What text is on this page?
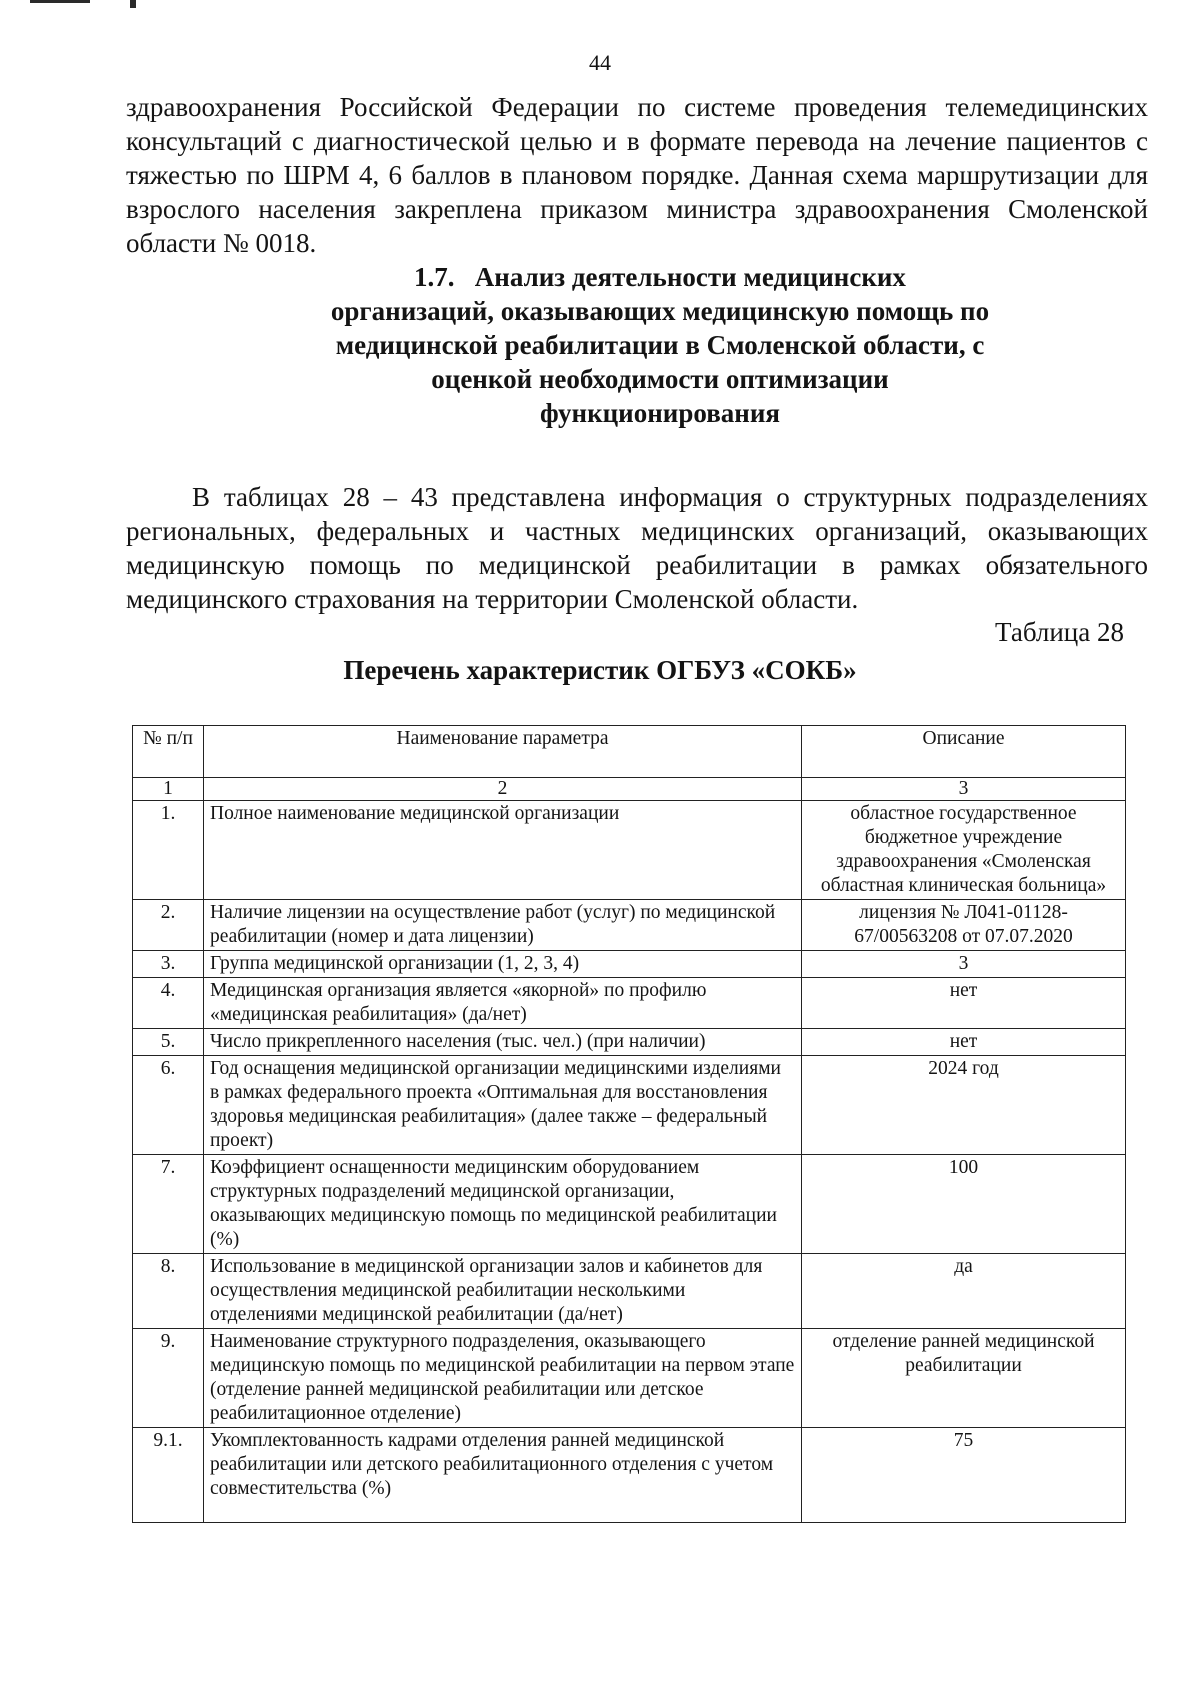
44

здравоохранения Российской Федерации по системе проведения телемедицинских консультаций с диагностической целью и в формате перевода на лечение пациентов с тяжестью по ШРМ 4, 6 баллов в плановом порядке. Данная схема маршрутизации для взрослого населения закреплена приказом министра здравоохранения Смоленской области № 0018.

1.7. Анализ деятельности медицинских организаций, оказывающих медицинскую помощь по медицинской реабилитации в Смоленской области, с оценкой необходимости оптимизации функционирования

В таблицах 28 – 43 представлена информация о структурных подразделениях региональных, федеральных и частных медицинских организаций, оказывающих медицинскую помощь по медицинской реабилитации в рамках обязательного медицинского страхования на территории Смоленской области.

Таблица 28
Перечень характеристик ОГБУЗ «СОКБ»
№ п/п	Наименование параметра	Описание
1	2	3
1.	Полное наименование медицинской организации	областное государственное бюджетное учреждение здравоохранения «Смоленская областная клиническая больница»
2.	Наличие лицензии на осуществление работ (услуг) по медицинской реабилитации (номер и дата лицензии)	лицензия № Л041-01128-67/00563208 от 07.07.2020
3.	Группа медицинской организации (1, 2, 3, 4)	3
4.	Медицинская организация является «якорной» по профилю «медицинская реабилитация» (да/нет)	нет
5.	Число прикрепленного населения (тыс. чел.) (при наличии)	нет
6.	Год оснащения медицинской организации медицинскими изделиями в рамках федерального проекта «Оптимальная для восстановления здоровья медицинская реабилитация» (далее также – федеральный проект)	2024 год
7.	Коэффициент оснащенности медицинским оборудованием структурных подразделений медицинской организации, оказывающих медицинскую помощь по медицинской реабилитации (%)	100
8.	Использование в медицинской организации залов и кабинетов для осуществления медицинской реабилитации несколькими отделениями медицинской реабилитации (да/нет)	да
9.	Наименование структурного подразделения, оказывающего медицинскую помощь по медицинской реабилитации на первом этапе (отделение ранней медицинской реабилитации или детское реабилитационное отделение)	отделение ранней медицинской реабилитации
9.1.	Укомплектованность кадрами отделения ранней медицинской реабилитации или детского реабилитационного отделения с учетом совместительства (%)	75
